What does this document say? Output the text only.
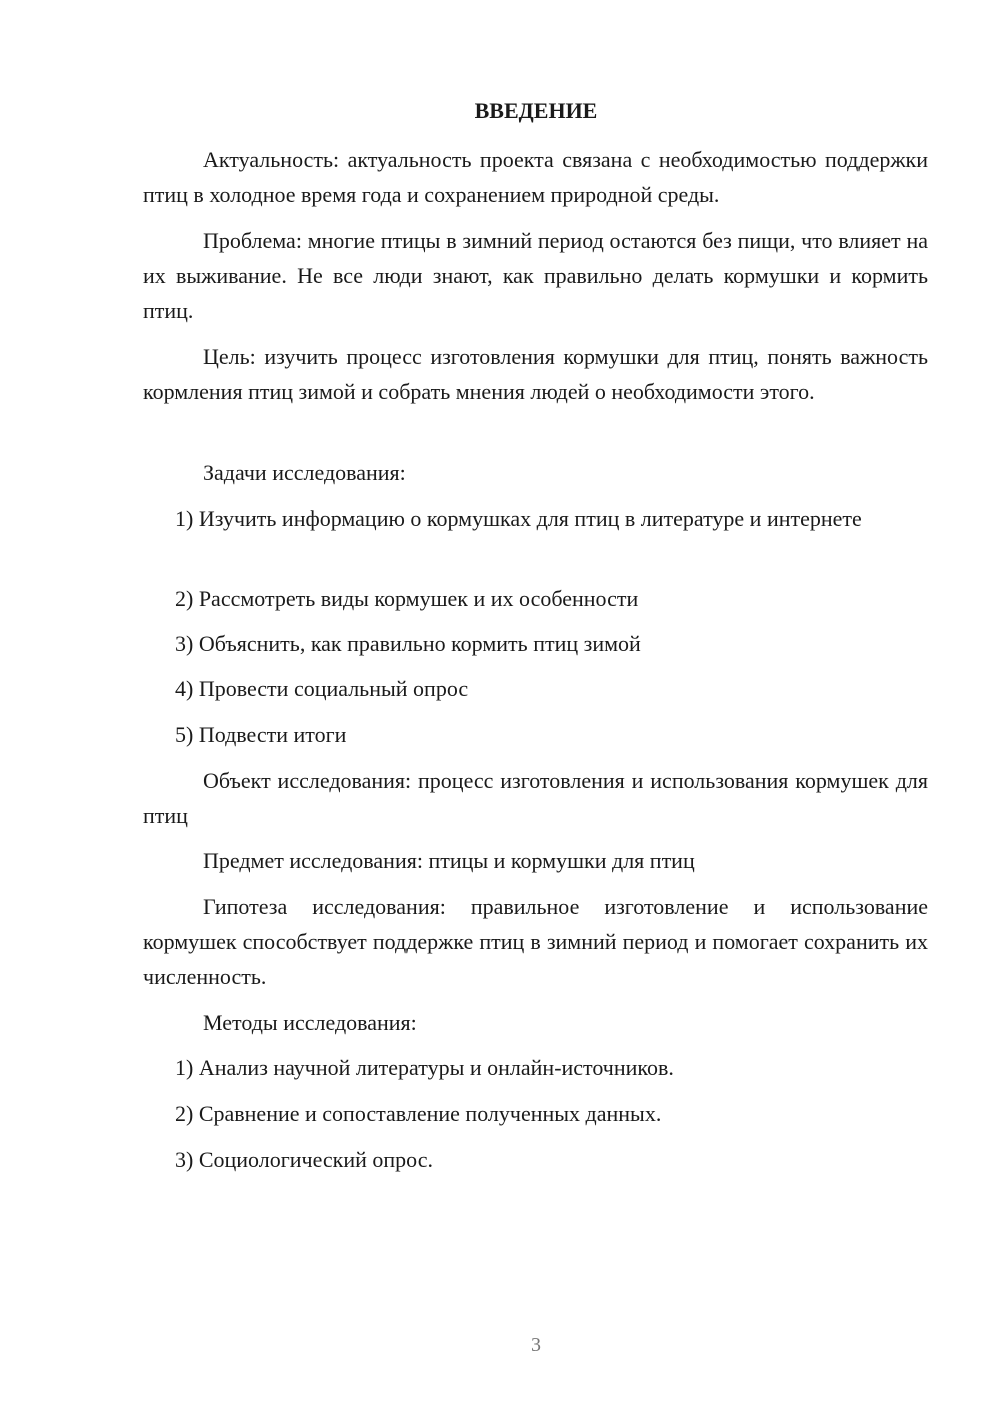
ВВЕДЕНИЕ

Актуальность: актуальность проекта связана с необходимостью поддержки птиц в холодное время года и сохранением природной среды.

Проблема: многие птицы в зимний период остаются без пищи, что влияет на их выживание. Не все люди знают, как правильно делать кормушки и кормить птиц.

Цель: изучить процесс изготовления кормушки для птиц, понять важность кормления птиц зимой и собрать мнения людей о необходимости этого.

Задачи исследования:

1) Изучить информацию о кормушках для птиц в литературе и интернете

2) Рассмотреть виды кормушек и их особенности

3) Объяснить, как правильно кормить птиц зимой

4) Провести социальный опрос

5) Подвести итоги

Объект исследования: процесс изготовления и использования кормушек для птиц

Предмет исследования: птицы и кормушки для птиц

Гипотеза исследования: правильное изготовление и использование кормушек способствует поддержке птиц в зимний период и помогает сохранить их численность.

Методы исследования:

1) Анализ научной литературы и онлайн-источников.

2) Сравнение и сопоставление полученных данных.

3) Социологический опрос.

3
